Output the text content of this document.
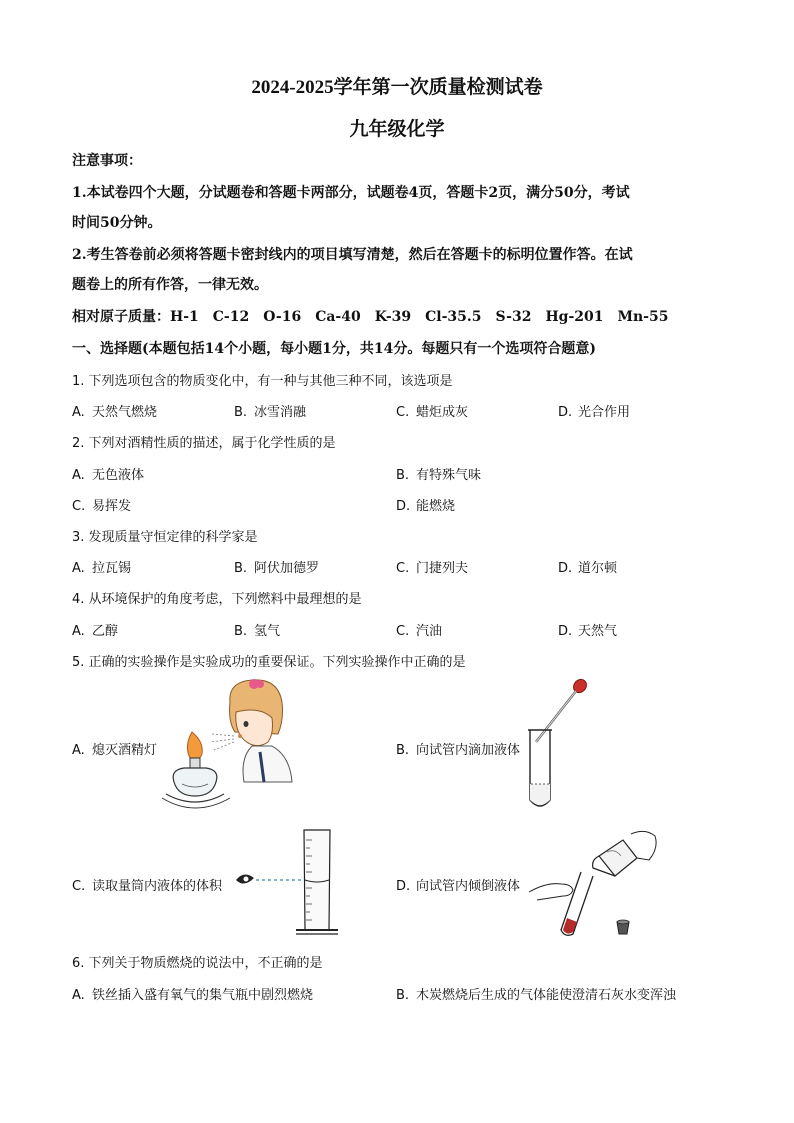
2024-2025学年第一次质量检测试卷
九年级化学
注意事项：
1.本试卷四个大题，分试题卷和答题卡两部分，试题卷4页，答题卡2页，满分50分，考试
时间50分钟。
2.考生答卷前必须将答题卡密封线内的项目填写清楚，然后在答题卡的标明位置作答。在试
题卷上的所有作答，一律无效。
相对原子质量：H-1　C-12　O-16　Ca-40　K-39　Cl-35.5　S-32　Hg-201　Mn-55
一、选择题(本题包括14个小题，每小题1分，共14分。每题只有一个选项符合题意)
1. 下列选项包含的物质变化中，有一种与其他三种不同，该选项是
A. 天然气燃烧	B. 冰雪消融	C. 蜡炬成灰	D. 光合作用
2. 下列对酒精性质的描述，属于化学性质的是
A. 无色液体	B. 有特殊气味
C. 易挥发	D. 能燃烧
3. 发现质量守恒定律的科学家是
A. 拉瓦锡	B. 阿伏加德罗	C. 门捷列夫	D. 道尔顿
4. 从环境保护的角度考虑，下列燃料中最理想的是
A. 乙醇	B. 氢气	C. 汽油	D. 天然气
5. 正确的实验操作是实验成功的重要保证。下列实验操作中正确的是
A. 熄灭酒精灯	B. 向试管内滴加液体
C. 读取量筒内液体的体积	D. 向试管内倾倒液体
6. 下列关于物质燃烧的说法中，不正确的是
A. 铁丝插入盛有氧气的集气瓶中剧烈燃烧	B. 木炭燃烧后生成的气体能使澄清石灰水变浑浊
